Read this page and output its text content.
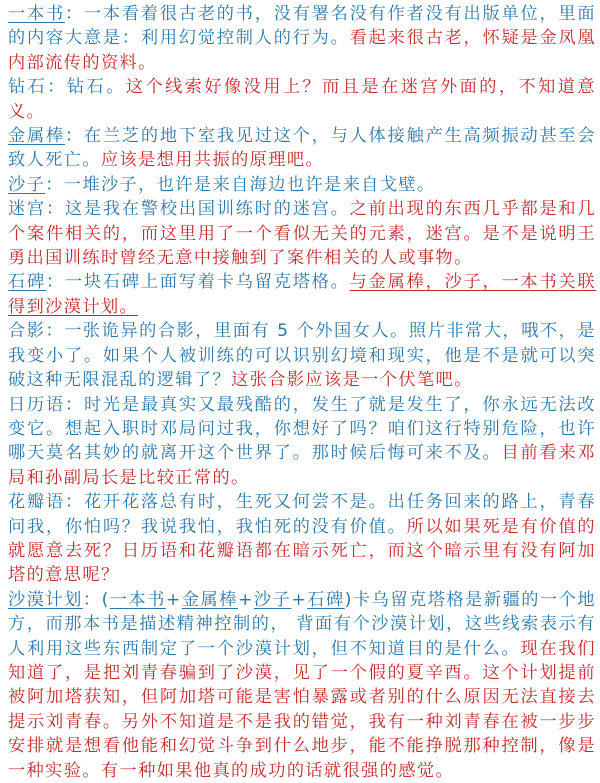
一本书：一本看着很古老的书，没有署名没有作者没有出版单位，里面的内容大意是：利用幻觉控制人的行为。看起来很古老，怀疑是金凤凰内部流传的资料。

钻石：钻石。这个线索好像没用上？而且是在迷宫外面的，不知道意义。

金属棒：在兰芝的地下室我见过这个，与人体接触产生高频振动甚至会致人死亡。应该是想用共振的原理吧。

沙子：一堆沙子，也许是来自海边也许是来自戈壁。

迷宫：这是我在警校出国训练时的迷宫。之前出现的东西几乎都是和几个案件相关的，而这里用了一个看似无关的元素，迷宫。是不是说明王勇出国训练时曾经无意中接触到了案件相关的人或事物。

石碑：一块石碑上面写着卡乌留克塔格。与金属棒，沙子，一本书关联得到沙漠计划。

合影：一张诡异的合影，里面有 5 个外国女人。照片非常大，哦不，是我变小了。如果个人被训练的可以识别幻境和现实，他是不是就可以突破这种无限混乱的逻辑了？这张合影应该是一个伏笔吧。

日历语：时光是最真实又最残酷的，发生了就是发生了，你永远无法改变它。想起入职时邓局问过我，你想好了吗？咱们这行特别危险，也许哪天莫名其妙的就离开这个世界了。那时候后悔可来不及。目前看来邓局和孙副局长是比较正常的。

花瓣语：花开花落总有时，生死又何尝不是。出任务回来的路上，青春问我，你怕吗？我说我怕，我怕死的没有价值。所以如果死是有价值的就愿意去死？日历语和花瓣语都在暗示死亡，而这个暗示里有没有阿加塔的意思呢？

沙漠计划：(一本书+金属棒+沙子+石碑)卡乌留克塔格是新疆的一个地方，而那本书是描述精神控制的， 背面有个沙漠计划，这些线索表示有人利用这些东西制定了一个沙漠计划，但不知道目的是什么。现在我们知道了，是把刘青春骗到了沙漠，见了一个假的夏辛酉。这个计划提前被阿加塔获知，但阿加塔可能是害怕暴露或者别的什么原因无法直接去提示刘青春。另外不知道是不是我的错觉，我有一种刘青春在被一步步安排就是想看他能和幻觉斗争到什么地步，能不能挣脱那种控制，像是一种实验。有一种如果他真的成功的话就很强的感觉。
